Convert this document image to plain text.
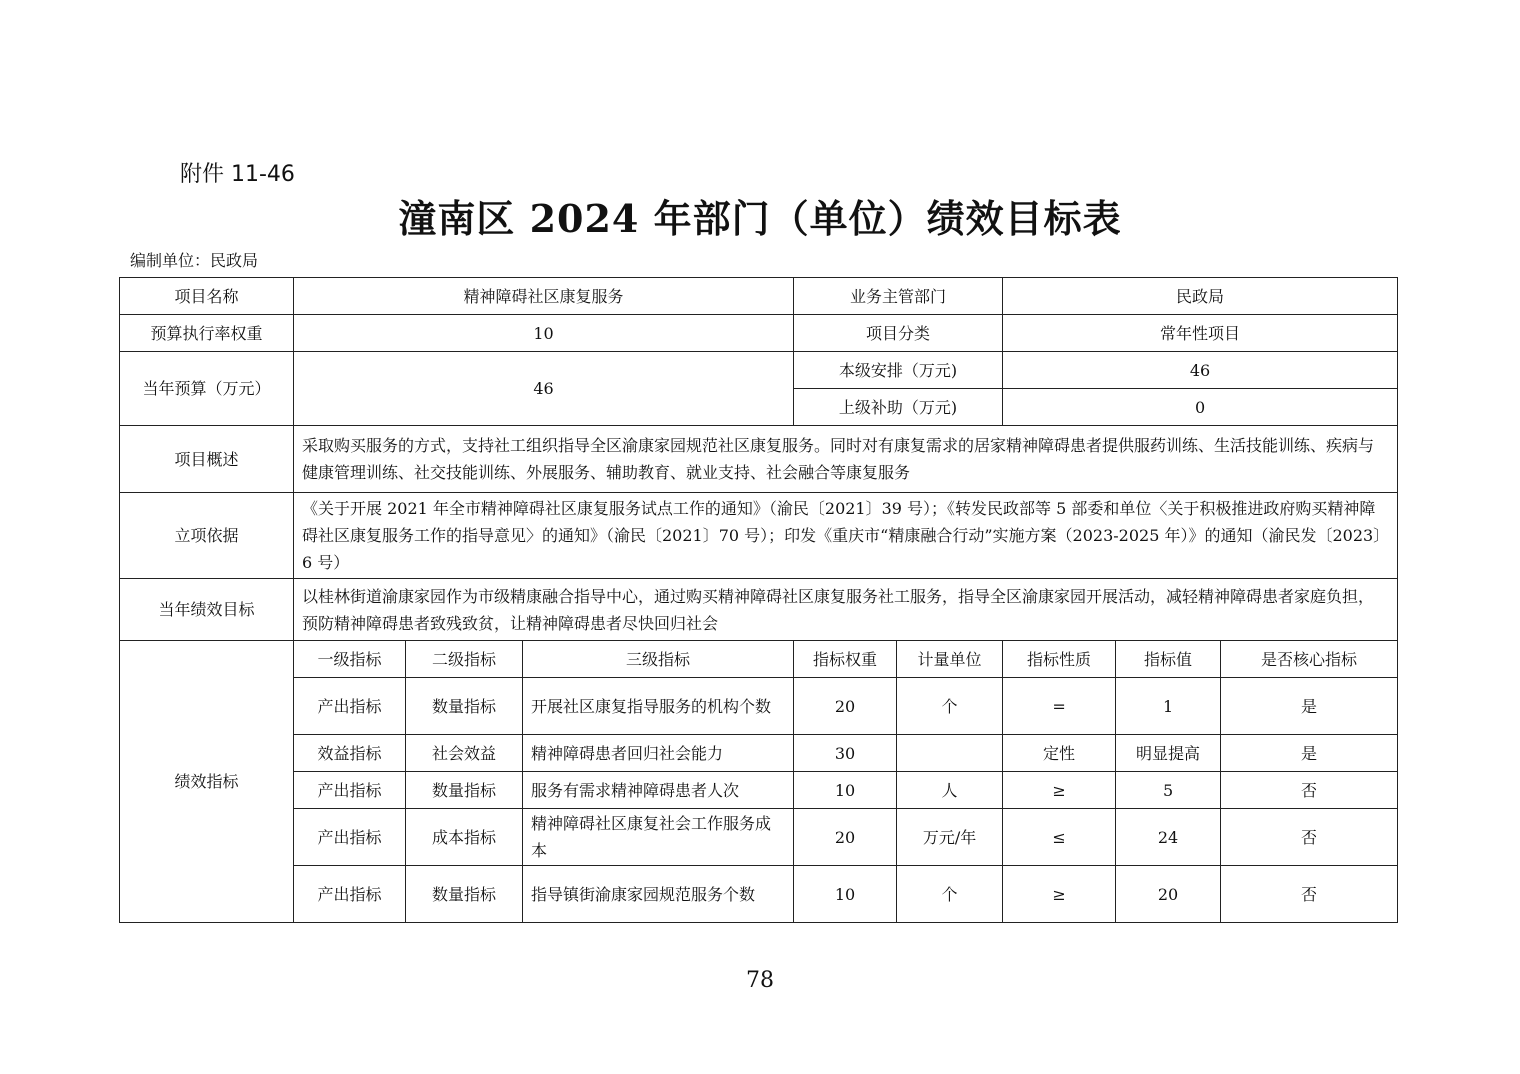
附件 11-46
潼南区 2024 年部门（单位）绩效目标表
编制单位：民政局
项目名称	精神障碍社区康复服务			业务主管部门		民政局		
预算执行率权重	10			项目分类		常年性项目		
当年预算（万元）	46			本级安排（万元)		46		
				上级补助（万元)		0		
项目概述	采取购买服务的方式，支持社工组织指导全区渝康家园规范社区康复服务。同时对有康复需求的居家精神障碍患者提供服药训练、生活技能训练、疾病与健康管理训练、社交技能训练、外展服务、辅助教育、就业支持、社会融合等康复服务							
立项依据	《关于开展 2021 年全市精神障碍社区康复服务试点工作的通知》（渝民〔2021〕39 号）；《转发民政部等 5 部委和单位〈关于积极推进政府购买精神障碍社区康复服务工作的指导意见〉的通知》（渝民〔2021〕70 号）；印发《重庆市“精康融合行动”实施方案（2023-2025 年）》的通知（渝民发〔2023〕6 号）							
当年绩效目标	以桂林街道渝康家园作为市级精康融合指导中心，通过购买精神障碍社区康复服务社工服务，指导全区渝康家园开展活动，减轻精神障碍患者家庭负担，预防精神障碍患者致残致贫，让精神障碍患者尽快回归社会							
绩效指标	一级指标	二级指标	三级指标	指标权重	计量单位	指标性质	指标值	是否核心指标
	产出指标	数量指标	开展社区康复指导服务的机构个数	20	个	=	1	是
	效益指标	社会效益	精神障碍患者回归社会能力	30		定性	明显提高	是
	产出指标	数量指标	服务有需求精神障碍患者人次	10	人	≥	5	否
	产出指标	成本指标	精神障碍社区康复社会工作服务成本	20	万元/年	≤	24	否
	产出指标	数量指标	指导镇街渝康家园规范服务个数	10	个	≥	20	否
78
